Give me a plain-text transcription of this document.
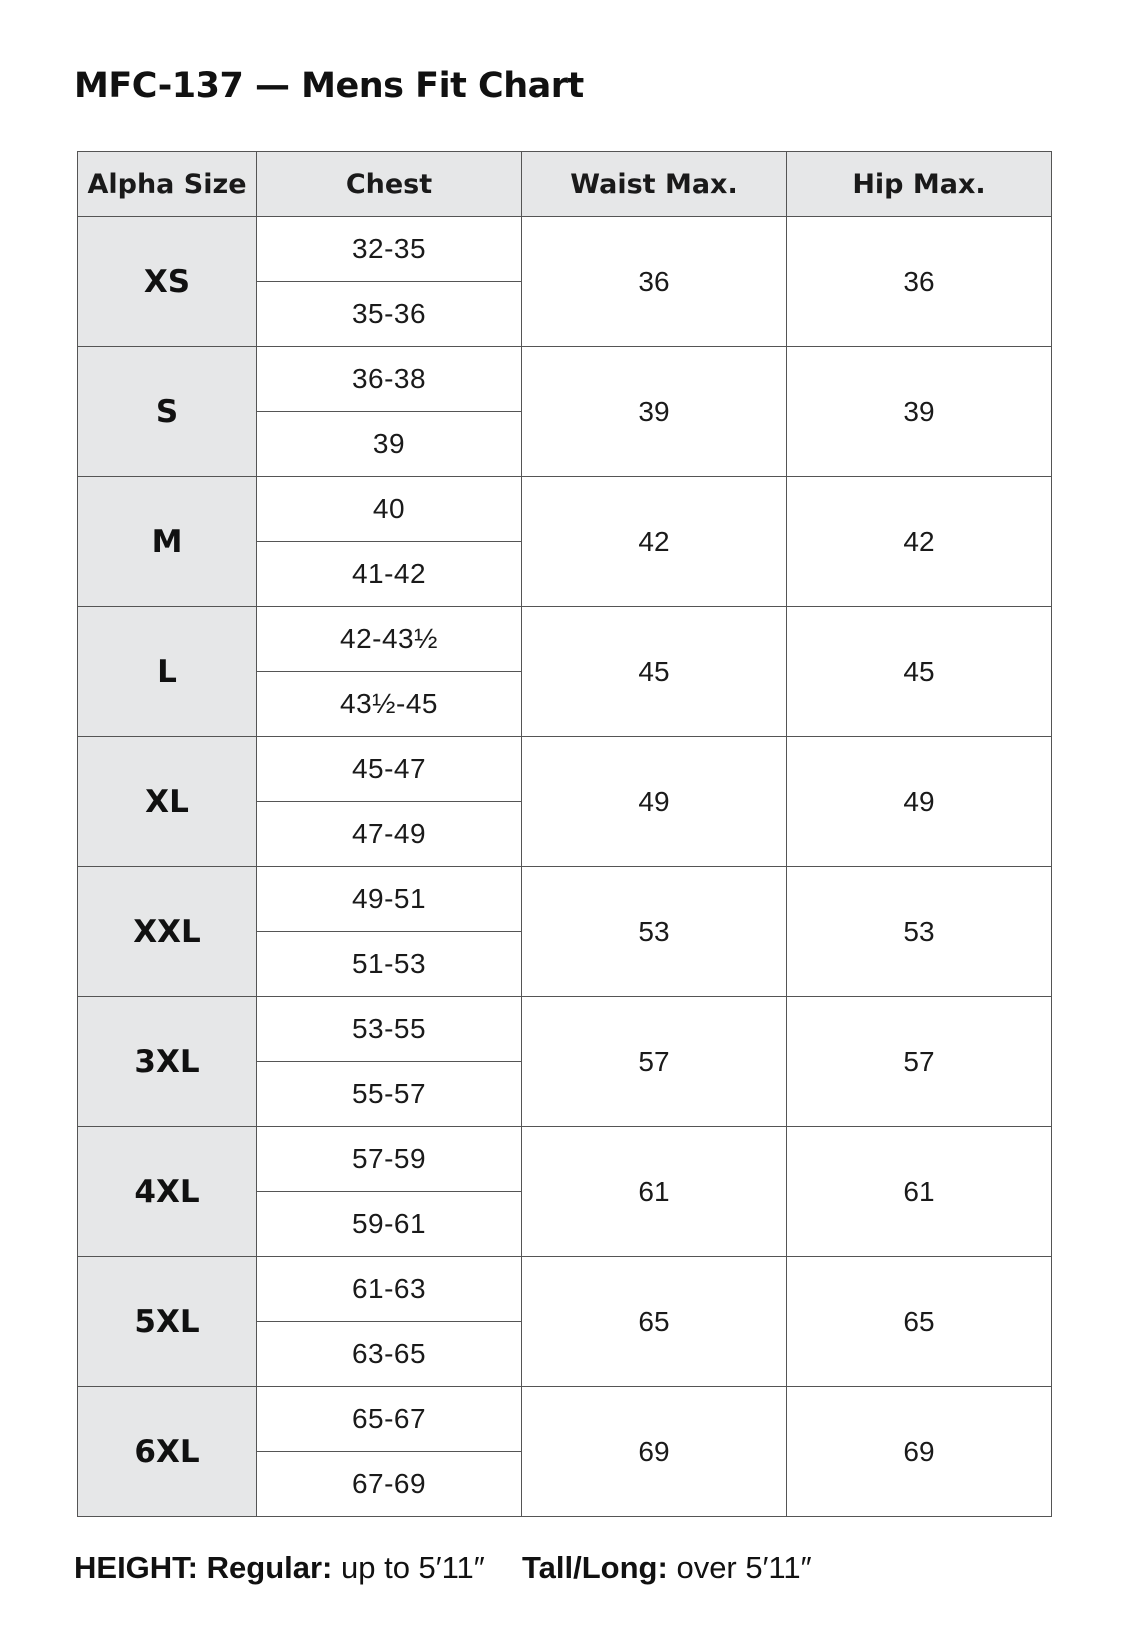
MFC-137 — Mens Fit Chart
Alpha Size	Chest	Waist Max.	Hip Max.
XS	32-35	36	36
	35-36		
S	36-38	39	39
	39		
M	40	42	42
	41-42		
L	42-43½	45	45
	43½-45		
XL	45-47	49	49
	47-49		
XXL	49-51	53	53
	51-53		
3XL	53-55	57	57
	55-57		
4XL	57-59	61	61
	59-61		
5XL	61-63	65	65
	63-65		
6XL	65-67	69	69
	67-69		
HEIGHT: Regular: up to 5′11″ Tall/Long: over 5′11″
